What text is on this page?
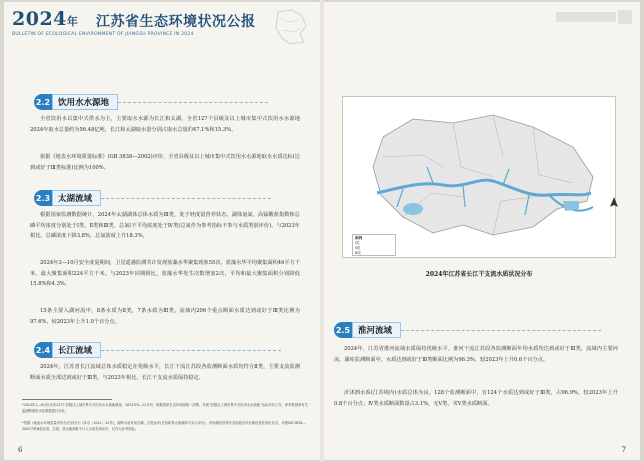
2024年 江苏省生态环境状况公报
BULLETIN OF ECOLOGICAL ENVIRONMENT OF JIANGSU PROVINCE IN 2024
2.2 饮用水水源地
全省饮用水以集中式供水为主，主要取水水源为长江和太湖。全省127个县级及以上城市集中式饮用水水源地2024年取水总量约为56.48亿吨，长江和太湖取水量分别占取水总量的47.1%和15.3%。
依据《地表水环境质量标准》(GB 3838—2002)评价，全省县级及以上城市集中式饮用水水源地取水水质达标(达到或好于Ⅲ类标准)比例为100%。
2.3 太湖流域
根据国家监测数据统计，2024年太湖湖体总体水质为Ⅲ类，处于轻度富营养状态。湖体氨氮、高锰酸盐指数和总磷平均浓度分别处于Ⅰ类、Ⅱ类和Ⅲ类，总氮(不平均浓度处于Ⅳ类(总氮作为参考指标不参与水质类别评价)。与2023年相比，总磷浓度下降3.8%，总氮浓度上升18.3%。
2024年3—10月安全度夏期间，卫星遥感监测共计发现蓝藻水华聚集现象55次，蓝藻水华平均聚集面积46平方千米，最大聚集面积224平方千米。与2023年同期相比，蓝藻水华发生次数增加2次，平均和最大聚集面积分别降低15.8%和4.3%。
15条主要入湖河流中，8条水质为Ⅱ类，7条水质为Ⅲ类。流域内206个重点断面水质达到或好于Ⅲ类比例为97.6%，较2023年上升1.0个百分点。
2.4 长江流域
2024年，江苏省长江流域总体水质稳定在优级水平，长江干流江苏段各监测断面水质均符合Ⅱ类，主要支流监测断面水质全部达到或好于Ⅲ类，与2023年相比，长江干支流水质保持稳定。
*2024年1—8月份全省127个县级以上城市集中式饮用水水源地调查。2024年9—12月份，根据国家生态环境部统一部署，开展“县级以上城市集中式饮用水水源地”达标评价工作，即采集国家有关监测断面的水质数据进行评价。
*依据《地表水环境质量评价办法(试行)》(环办〔2011〕22号)，湖库水质采用总磷、总氮参评(总氮和粪大肠菌群不参与评价)，采用湖泊营养状态指数法评价湖泊富营养化状态，对照GB 3838—2002中的Ⅲ类标准，总氮、粪大肠菌群不计入水质类别评价，仅作为参考指标。
6
图例
Ⅰ类
Ⅱ类
Ⅲ类
2024年江苏省长江干支流水质状况分布
2.5 淮河流域
2024年，江苏省淮河流域水质保持优级水平。淮河干流江苏段各监测断面年均水质均达到或好于Ⅲ类，流域内主要河流、湖库监测断面中，水质达到或好于Ⅲ类断面比例为96.3%，较2023年上升0.6个百分点。
沂沭泗水系(江苏境内)水质总体为良。128个监测断面中，有124个水质达到或好于Ⅲ类，占96.9%，较2023年上升0.8个百分点；Ⅳ类水质断面数量占3.1%，无Ⅴ类、劣Ⅴ类水质断面。
7
